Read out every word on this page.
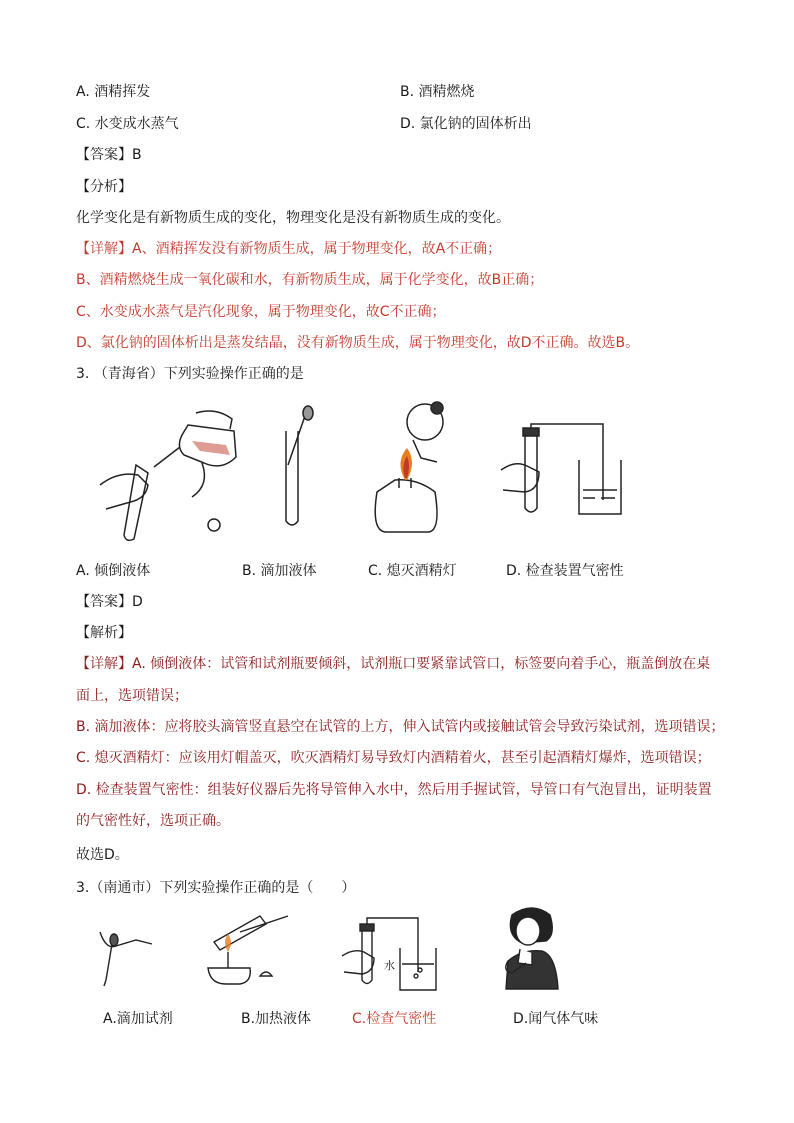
A. 酒精挥发	B. 酒精燃烧
C. 水变成水蒸气	D. 氯化钠的固体析出
【答案】B
【分析】
化学变化是有新物质生成的变化，物理变化是没有新物质生成的变化。
【详解】A、酒精挥发没有新物质生成，属于物理变化，故A不正确；
B、酒精燃烧生成一氧化碳和水，有新物质生成，属于化学变化，故B正确；
C、水变成水蒸气是汽化现象，属于物理变化，故C不正确；
D、氯化钠的固体析出是蒸发结晶，没有新物质生成，属于物理变化，故D不正确。故选B。
3. （青海省）下列实验操作正确的是
A. 倾倒液体	B. 滴加液体	C. 熄灭酒精灯	D. 检查装置气密性
【答案】D
【解析】
【详解】A. 倾倒液体：试管和试剂瓶要倾斜，试剂瓶口要紧靠试管口，标签要向着手心，瓶盖倒放在桌
面上，选项错误；
B. 滴加液体：应将胶头滴管竖直悬空在试管的上方，伸入试管内或接触试管会导致污染试剂，选项错误；
C. 熄灭酒精灯：应该用灯帽盖灭，吹灭酒精灯易导致灯内酒精着火，甚至引起酒精灯爆炸，选项错误；
D. 检查装置气密性：组装好仪器后先将导管伸入水中，然后用手握试管，导管口有气泡冒出，证明装置
的气密性好，选项正确。
故选D。
3.（南通市）下列实验操作正确的是（　　）
水
A.滴加试剂	B.加热液体	C.检查气密性	D.闻气体气味
